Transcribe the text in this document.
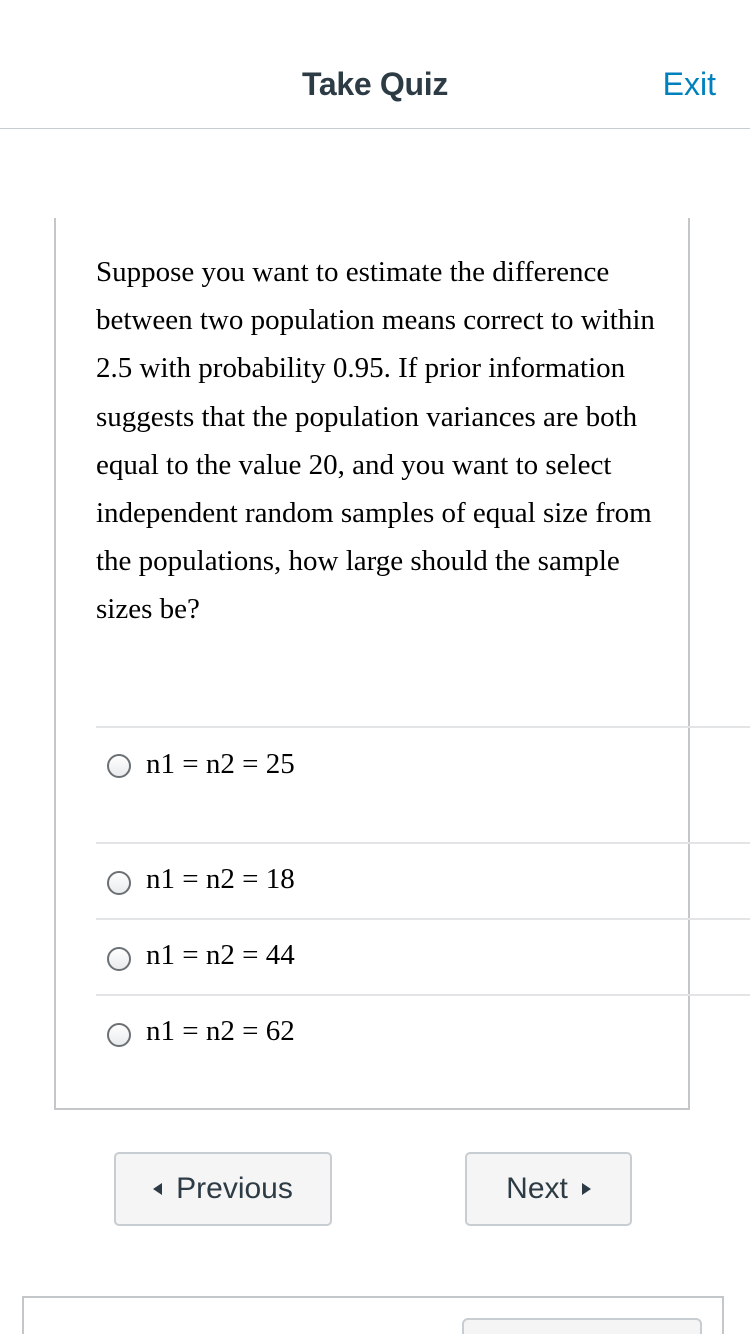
Take Quiz	Exit

Suppose you want to estimate the difference between two population means correct to within 2.5 with probability 0.95. If prior information suggests that the population variances are both equal to the value 20, and you want to select independent random samples of equal size from the populations, how large should the sample sizes be?

n1 = n2 = 25
n1 = n2 = 18
n1 = n2 = 44
n1 = n2 = 62
Previous	Next
